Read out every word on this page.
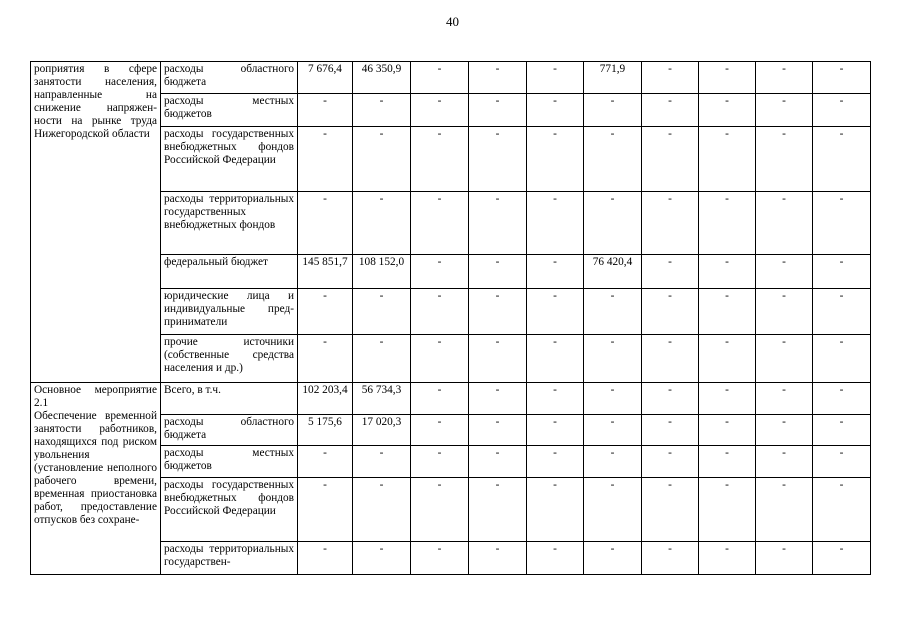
40
роприятия в сфере занятости населения, направленные на снижение напряженности на рынке труда Нижегородской области	расходы областного бюджета	7 676,4	46 350,9	-	-	-	771,9	-	-	-	-
	расходы местных бюджетов	-	-	-	-	-	-	-	-	-	-
	расходы государственных внебюджетных фондов Российской Федерации	-	-	-	-	-	-	-	-	-	-
	расходы территориальных государственных внебюджетных фондов	-	-	-	-	-	-	-	-	-	-
	федеральный бюджет	145 851,7	108 152,0	-	-	-	76 420,4	-	-	-	-
	юридические лица и индивидуальные предприниматели	-	-	-	-	-	-	-	-	-	-
	прочие источники (собственные средства населения и др.)	-	-	-	-	-	-	-	-	-	-

Основное мероприятие 2.1
Обеспечение временной занятости работников, находящихся под риском увольнения (установление неполного рабочего времени, временная приостановка работ, предоставление отпусков без сохране-	Всего, в т.ч.	102 203,4	56 734,3	-	-	-	-	-	-	-	-
	расходы областного бюджета	5 175,6	17 020,3	-	-	-	-	-	-	-	-
	расходы местных бюджетов	-	-	-	-	-	-	-	-	-	-
	расходы государственных внебюджетных фондов Российской Федерации	-	-	-	-	-	-	-	-	-	-
	расходы территориальных государствен-	-	-	-	-	-	-	-	-	-	-
